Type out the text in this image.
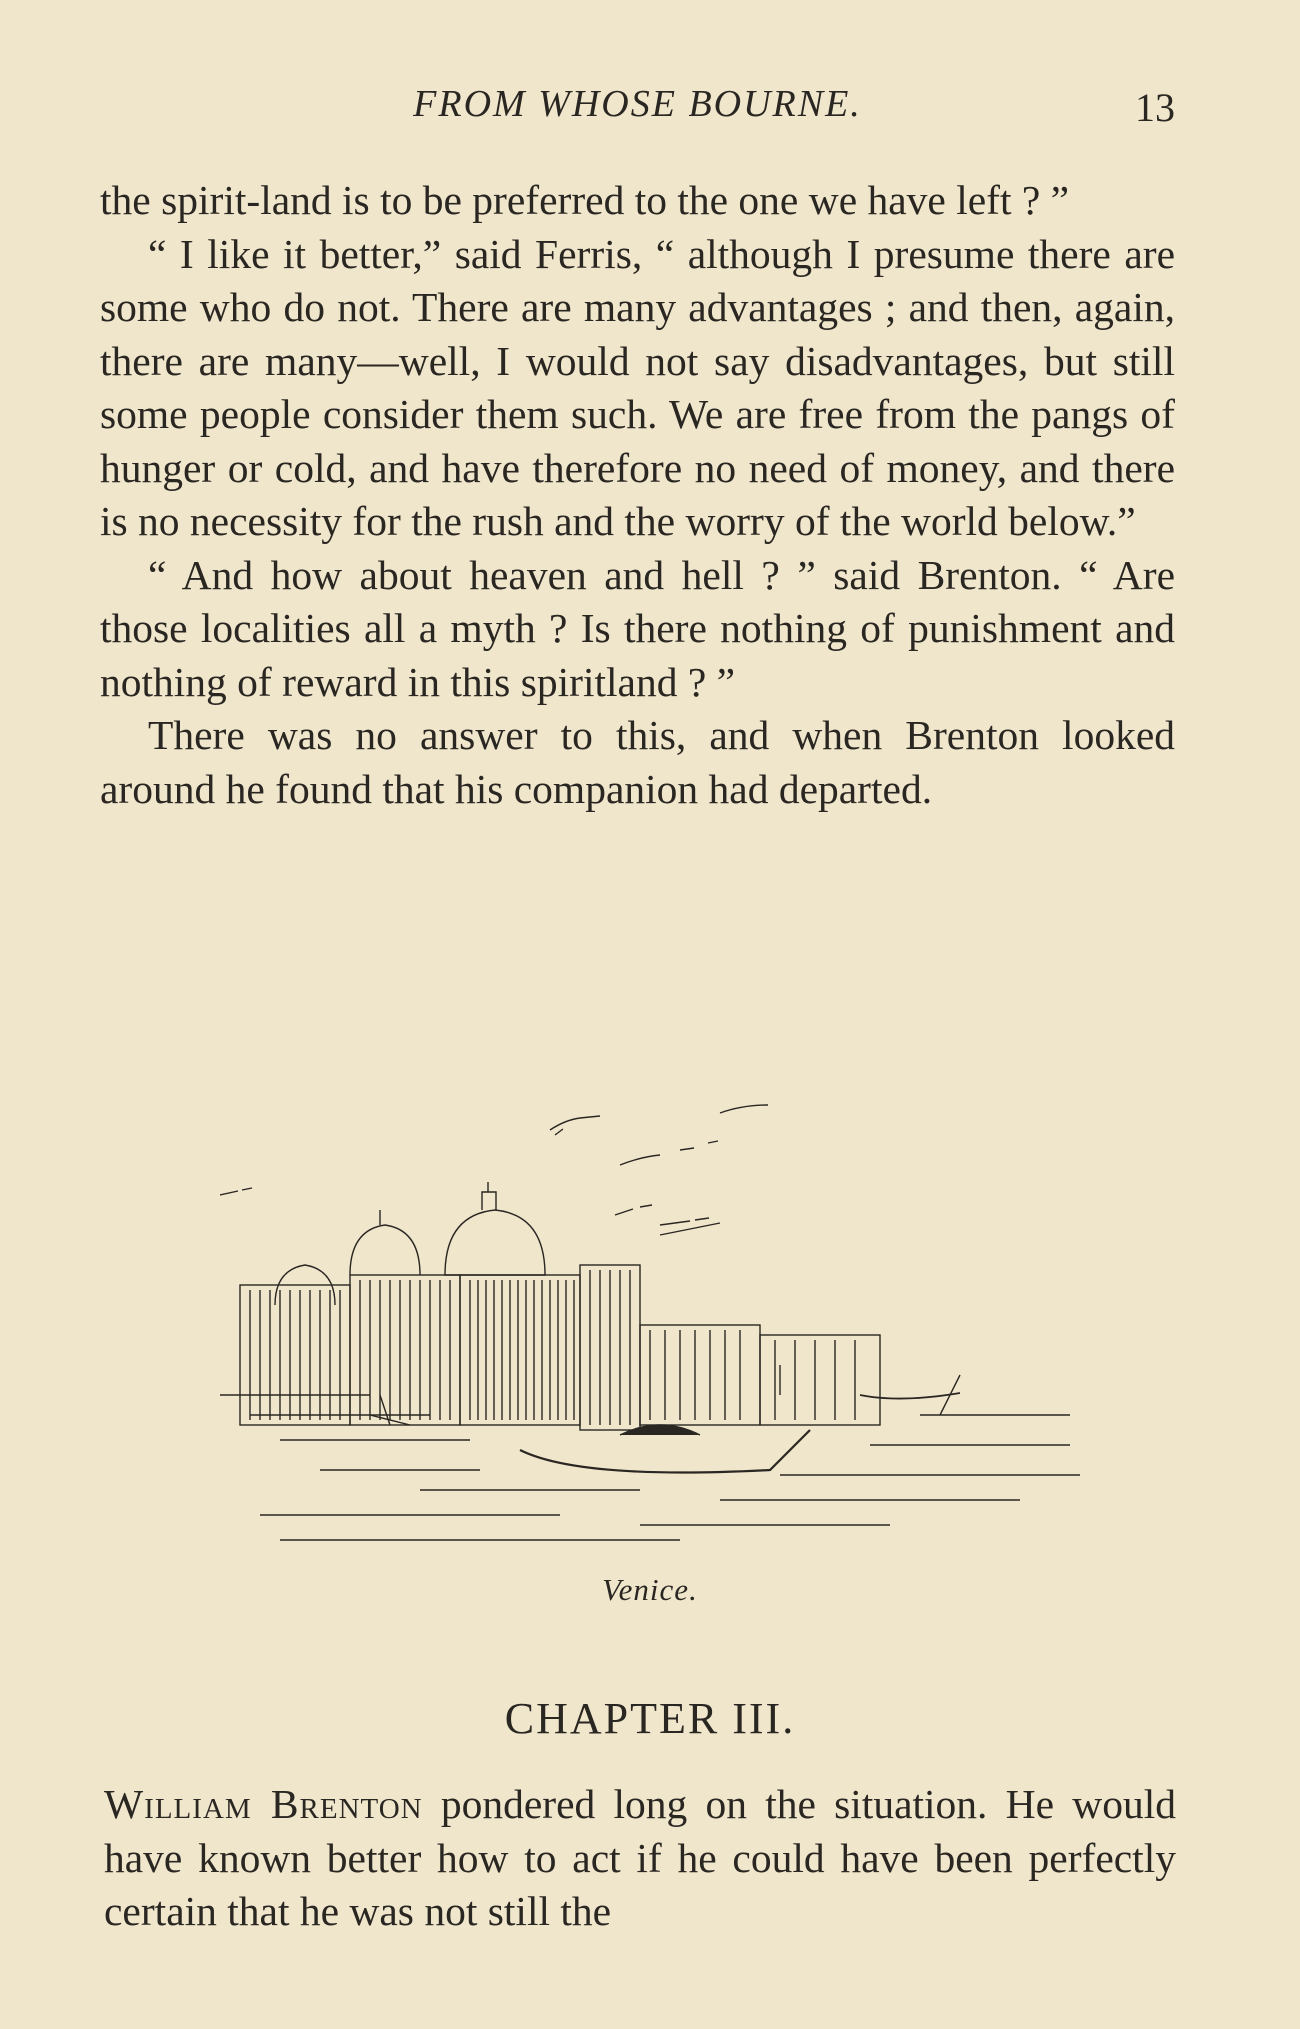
FROM WHOSE BOURNE.	13

the spirit-land is to be preferred to the one we have left ? ”

“ I like it better,” said Ferris, “ although I presume there are some who do not. There are many advantages ; and then, again, there are many—well, I would not say disadvantages, but still some people consider them such. We are free from the pangs of hunger or cold, and have therefore no need of money, and there is no necessity for the rush and the worry of the world below.”

“ And how about heaven and hell ? ” said Brenton. “ Are those localities all a myth ? Is there nothing of punishment and nothing of reward in this spiritland ? ”

There was no answer to this, and when Brenton looked around he found that his companion had departed.

Venice.
CHAPTER III.

William Brenton pondered long on the situation. He would have known better how to act if he could have been perfectly certain that he was not still the
